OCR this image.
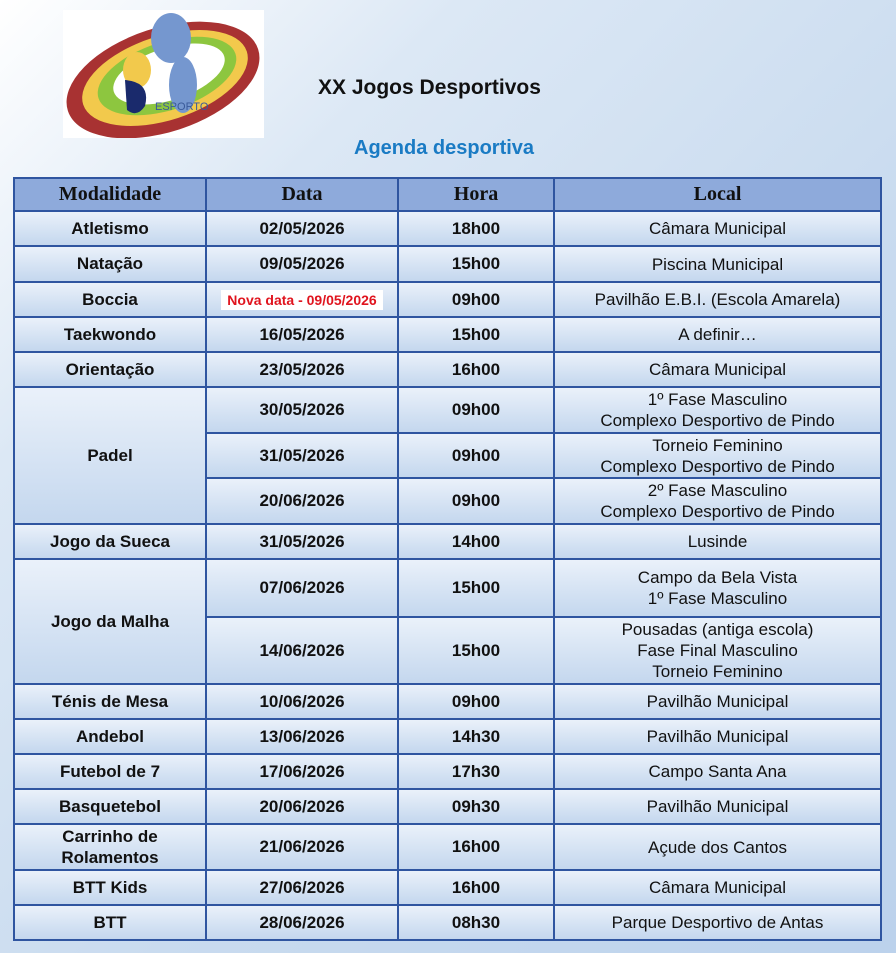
ESPORTO
XX Jogos Desportivos
Agenda desportiva
Modalidade	Data	Hora	Local
Atletismo	02/05/2026	18h00	Câmara Municipal

Natação	09/05/2026	15h00	Piscina Municipal

Boccia	Nova data - 09/05/2026	09h00	Pavilhão E.B.I. (Escola Amarela)

Taekwondo	16/05/2026	15h00	A definir…

Orientação	23/05/2026	16h00	Câmara Municipal

Padel	30/05/2026	09h00	1º Fase Masculino
Complexo Desportivo de Pindo

	31/05/2026	09h00	Torneio Feminino
Complexo Desportivo de Pindo

	20/06/2026	09h00	2º Fase Masculino
Complexo Desportivo de Pindo

Jogo da Sueca	31/05/2026	14h00	Lusinde

Jogo da Malha	07/06/2026	15h00	Campo da Bela Vista
1º Fase Masculino

	14/06/2026	15h00	Pousadas (antiga escola)
Fase Final Masculino
Torneio Feminino

Ténis de Mesa	10/06/2026	09h00	Pavilhão Municipal

Andebol	13/06/2026	14h30	Pavilhão Municipal

Futebol de 7	17/06/2026	17h30	Campo Santa Ana

Basquetebol	20/06/2026	09h30	Pavilhão Municipal

Carrinho de Rolamentos	21/06/2026	16h00	Açude dos Cantos

BTT Kids	27/06/2026	16h00	Câmara Municipal

BTT	28/06/2026	08h30	Parque Desportivo de Antas
